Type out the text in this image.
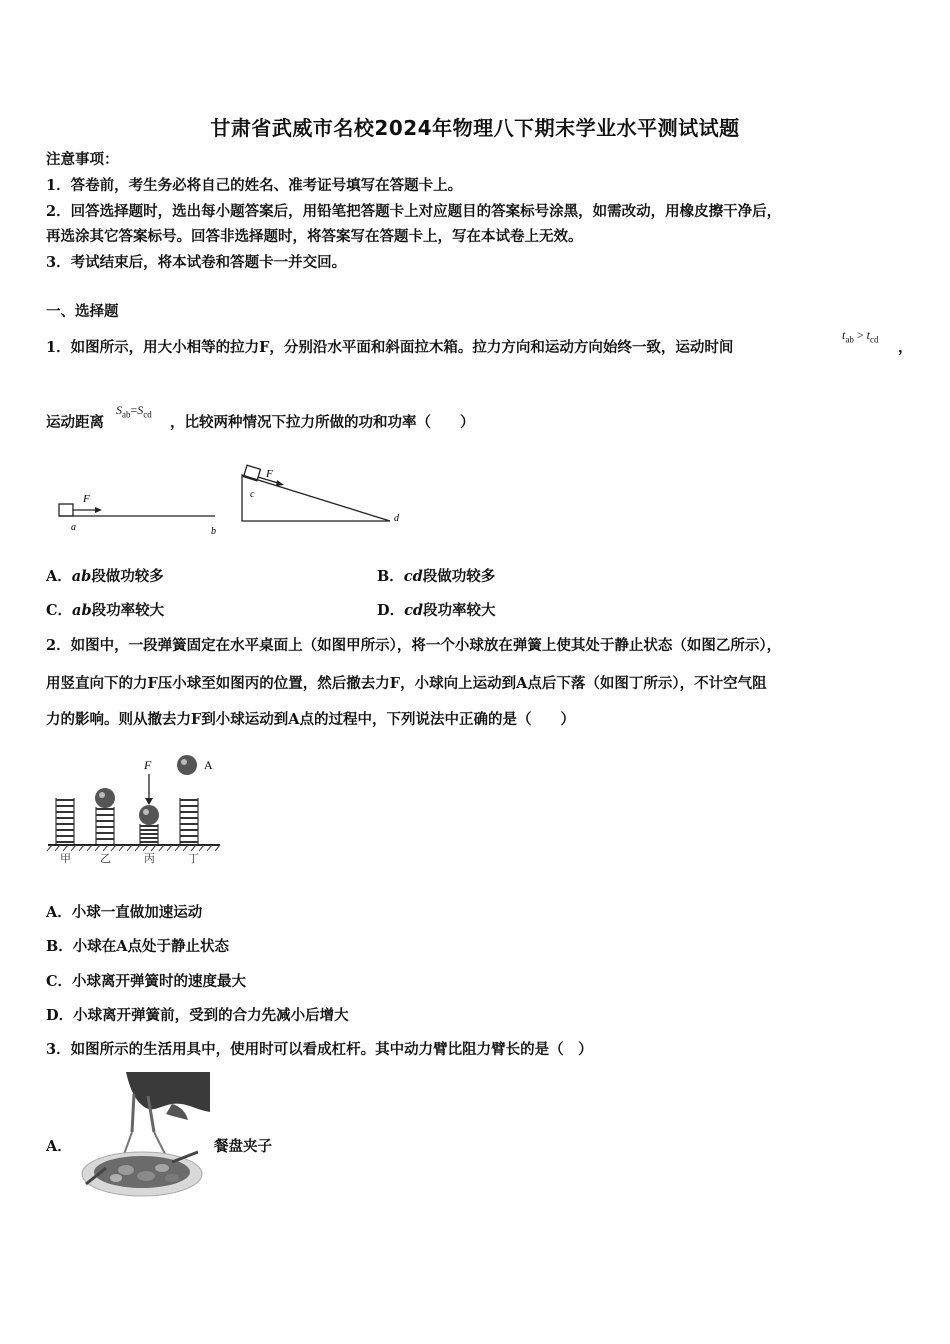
甘肃省武威市名校2024年物理八下期末学业水平测试试题
注意事项：
1．答卷前，考生务必将自己的姓名、准考证号填写在答题卡上。
2．回答选择题时，选出每小题答案后，用铅笔把答题卡上对应题目的答案标号涂黑，如需改动，用橡皮擦干净后，
再选涂其它答案标号。回答非选择题时，将答案写在答题卡上，写在本试卷上无效。
3．考试结束后，将本试卷和答题卡一并交回。
一、选择题
1．如图所示，用大小相等的拉力F，分别沿水平面和斜面拉木箱。拉力方向和运动方向始终一致，运动时间
$t_{ab} > t_{cd}$ ，
运动距离
$S_{ab}=S_{cd}$ ，比较两种情况下拉力所做的功和功率（　　）
F
a	b
F
c
d
A．ab段做功较多	B．cd段做功较多
C．ab段功率较大	D．cd段功率较大
2．如图中，一段弹簧固定在水平桌面上（如图甲所示），将一个小球放在弹簧上使其处于静止状态（如图乙所示），
用竖直向下的力F压小球至如图丙的位置，然后撤去力F，小球向上运动到A点后下落（如图丁所示），不计空气阻
力的影响。则从撤去力F到小球运动到A点的过程中，下列说法中正确的是（　　）
F	A
甲	乙	丙	丁
A．小球一直做加速运动
B．小球在A点处于静止状态
C．小球离开弹簧时的速度最大
D．小球离开弹簧前，受到的合力先减小后增大
3．如图所示的生活用具中，使用时可以看成杠杆。其中动力臂比阻力臂长的是（　）
A．	餐盘夹子
